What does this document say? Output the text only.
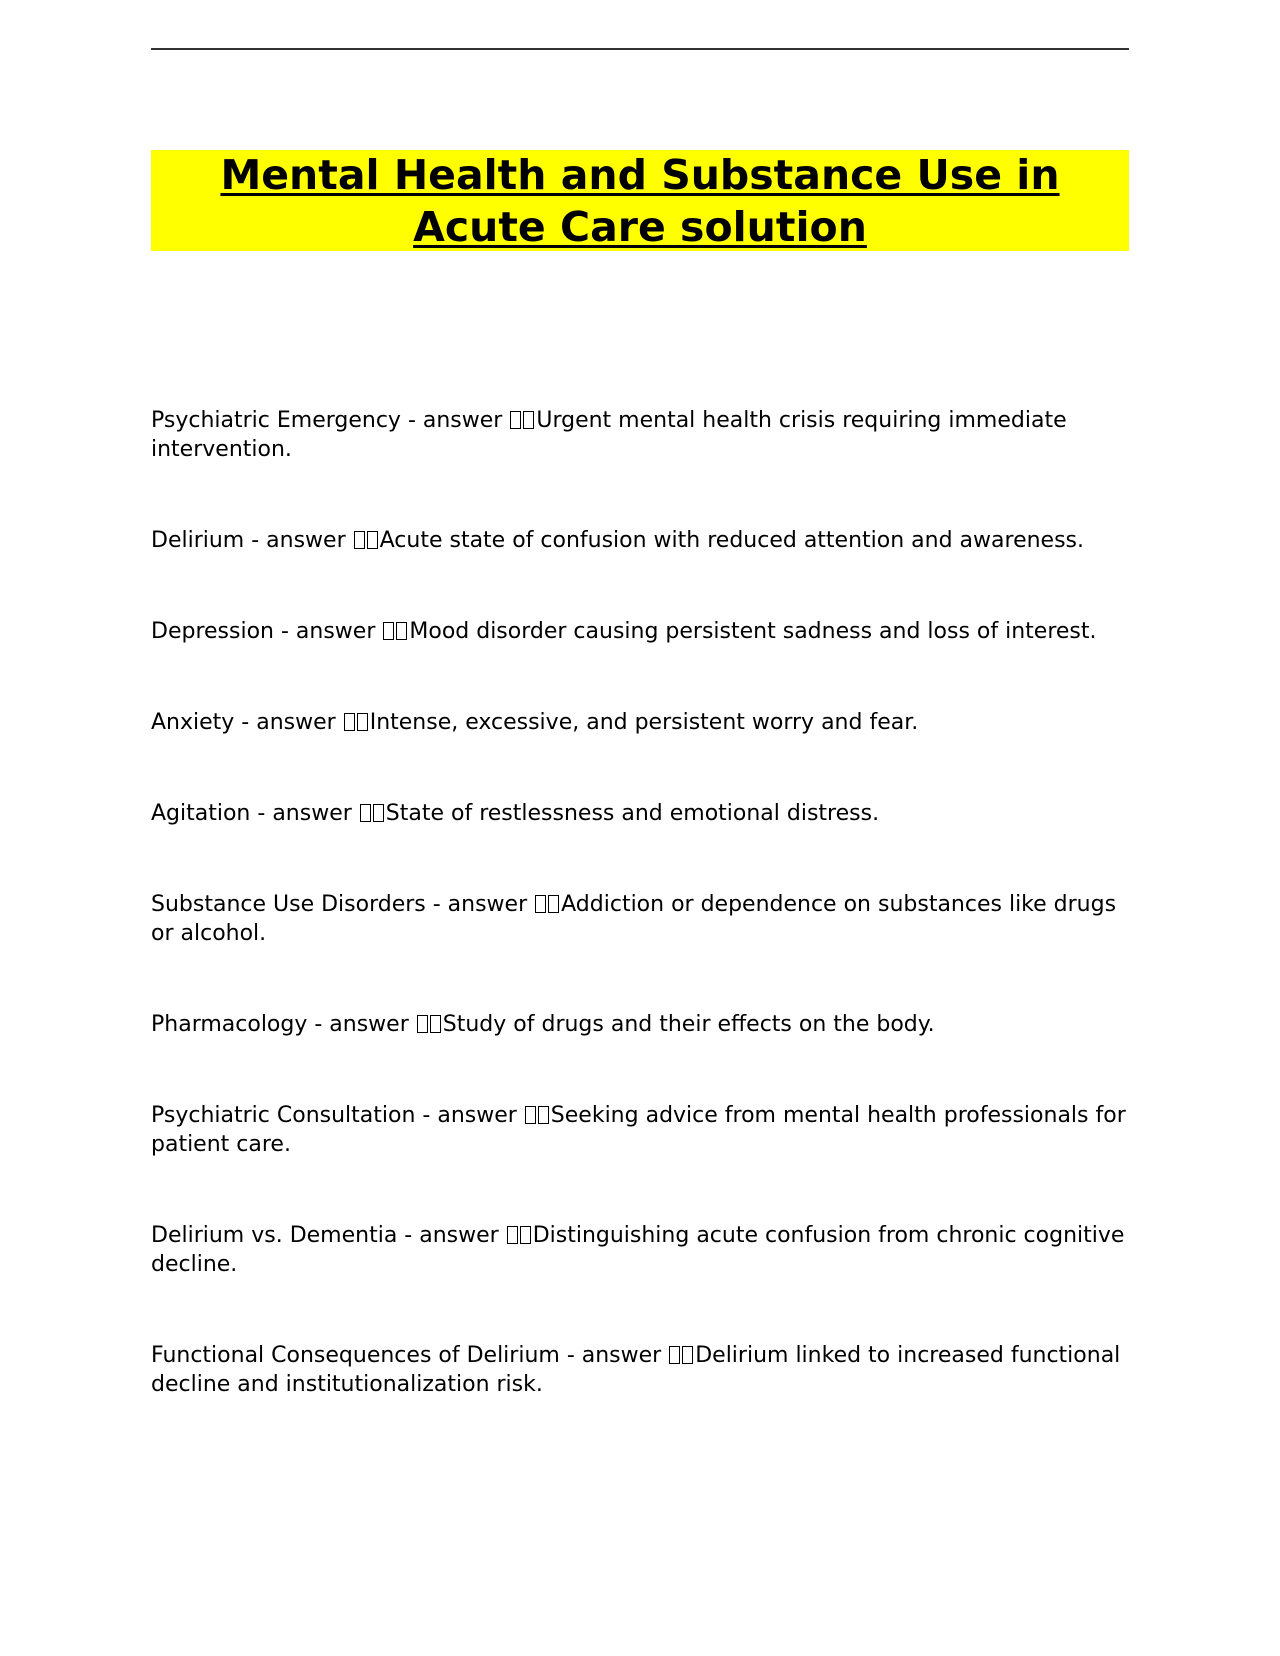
Mental Health and Substance Use in Acute Care solution
Psychiatric Emergency - answer Urgent mental health crisis requiring immediate intervention.
Delirium - answer Acute state of confusion with reduced attention and awareness.
Depression - answer Mood disorder causing persistent sadness and loss of interest.
Anxiety - answer Intense, excessive, and persistent worry and fear.
Agitation - answer State of restlessness and emotional distress.
Substance Use Disorders - answer Addiction or dependence on substances like drugs or alcohol.
Pharmacology - answer Study of drugs and their effects on the body.
Psychiatric Consultation - answer Seeking advice from mental health professionals for patient care.
Delirium vs. Dementia - answer Distinguishing acute confusion from chronic cognitive decline.
Functional Consequences of Delirium - answer Delirium linked to increased functional decline and institutionalization risk.
